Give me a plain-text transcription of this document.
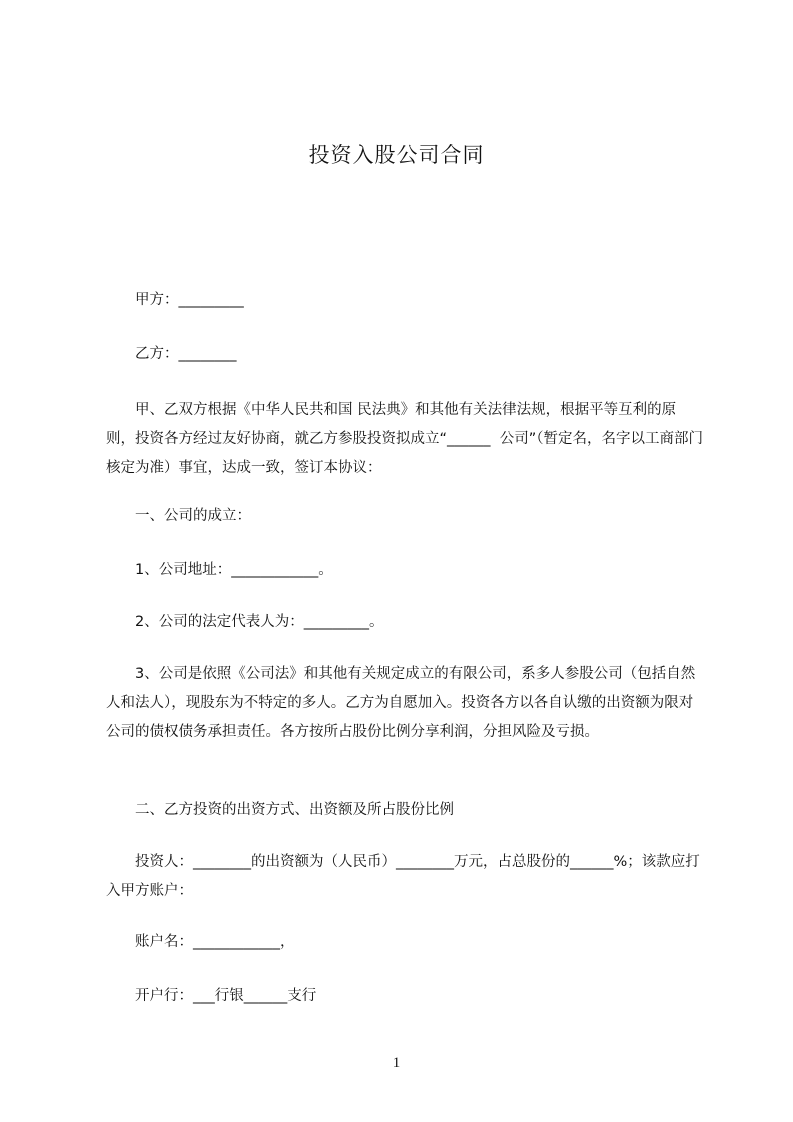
投资入股公司合同
甲方：_________
乙方：________
甲、乙双方根据《中华人民共和国 民法典》和其他有关法律法规，根据平等互利的原则，投资各方经过友好协商，就乙方参股投资拟成立“______  公司”（暂定名，名字以工商部门核定为准）事宜，达成一致，签订本协议：
一、公司的成立：
1、公司地址：____________。
2、公司的法定代表人为：_________。
3、公司是依照《公司法》和其他有关规定成立的有限公司，系多人参股公司（包括自然人和法人），现股东为不特定的多人。乙方为自愿加入。投资各方以各自认缴的出资额为限对公司的债权债务承担责任。各方按所占股份比例分享利润，分担风险及亏损。
二、乙方投资的出资方式、出资额及所占股份比例
投资人：________的出资额为（人民币）________万元，占总股份的______%；该款应打入甲方账户：
账户名：____________，
开户行：___行银______支行
1
